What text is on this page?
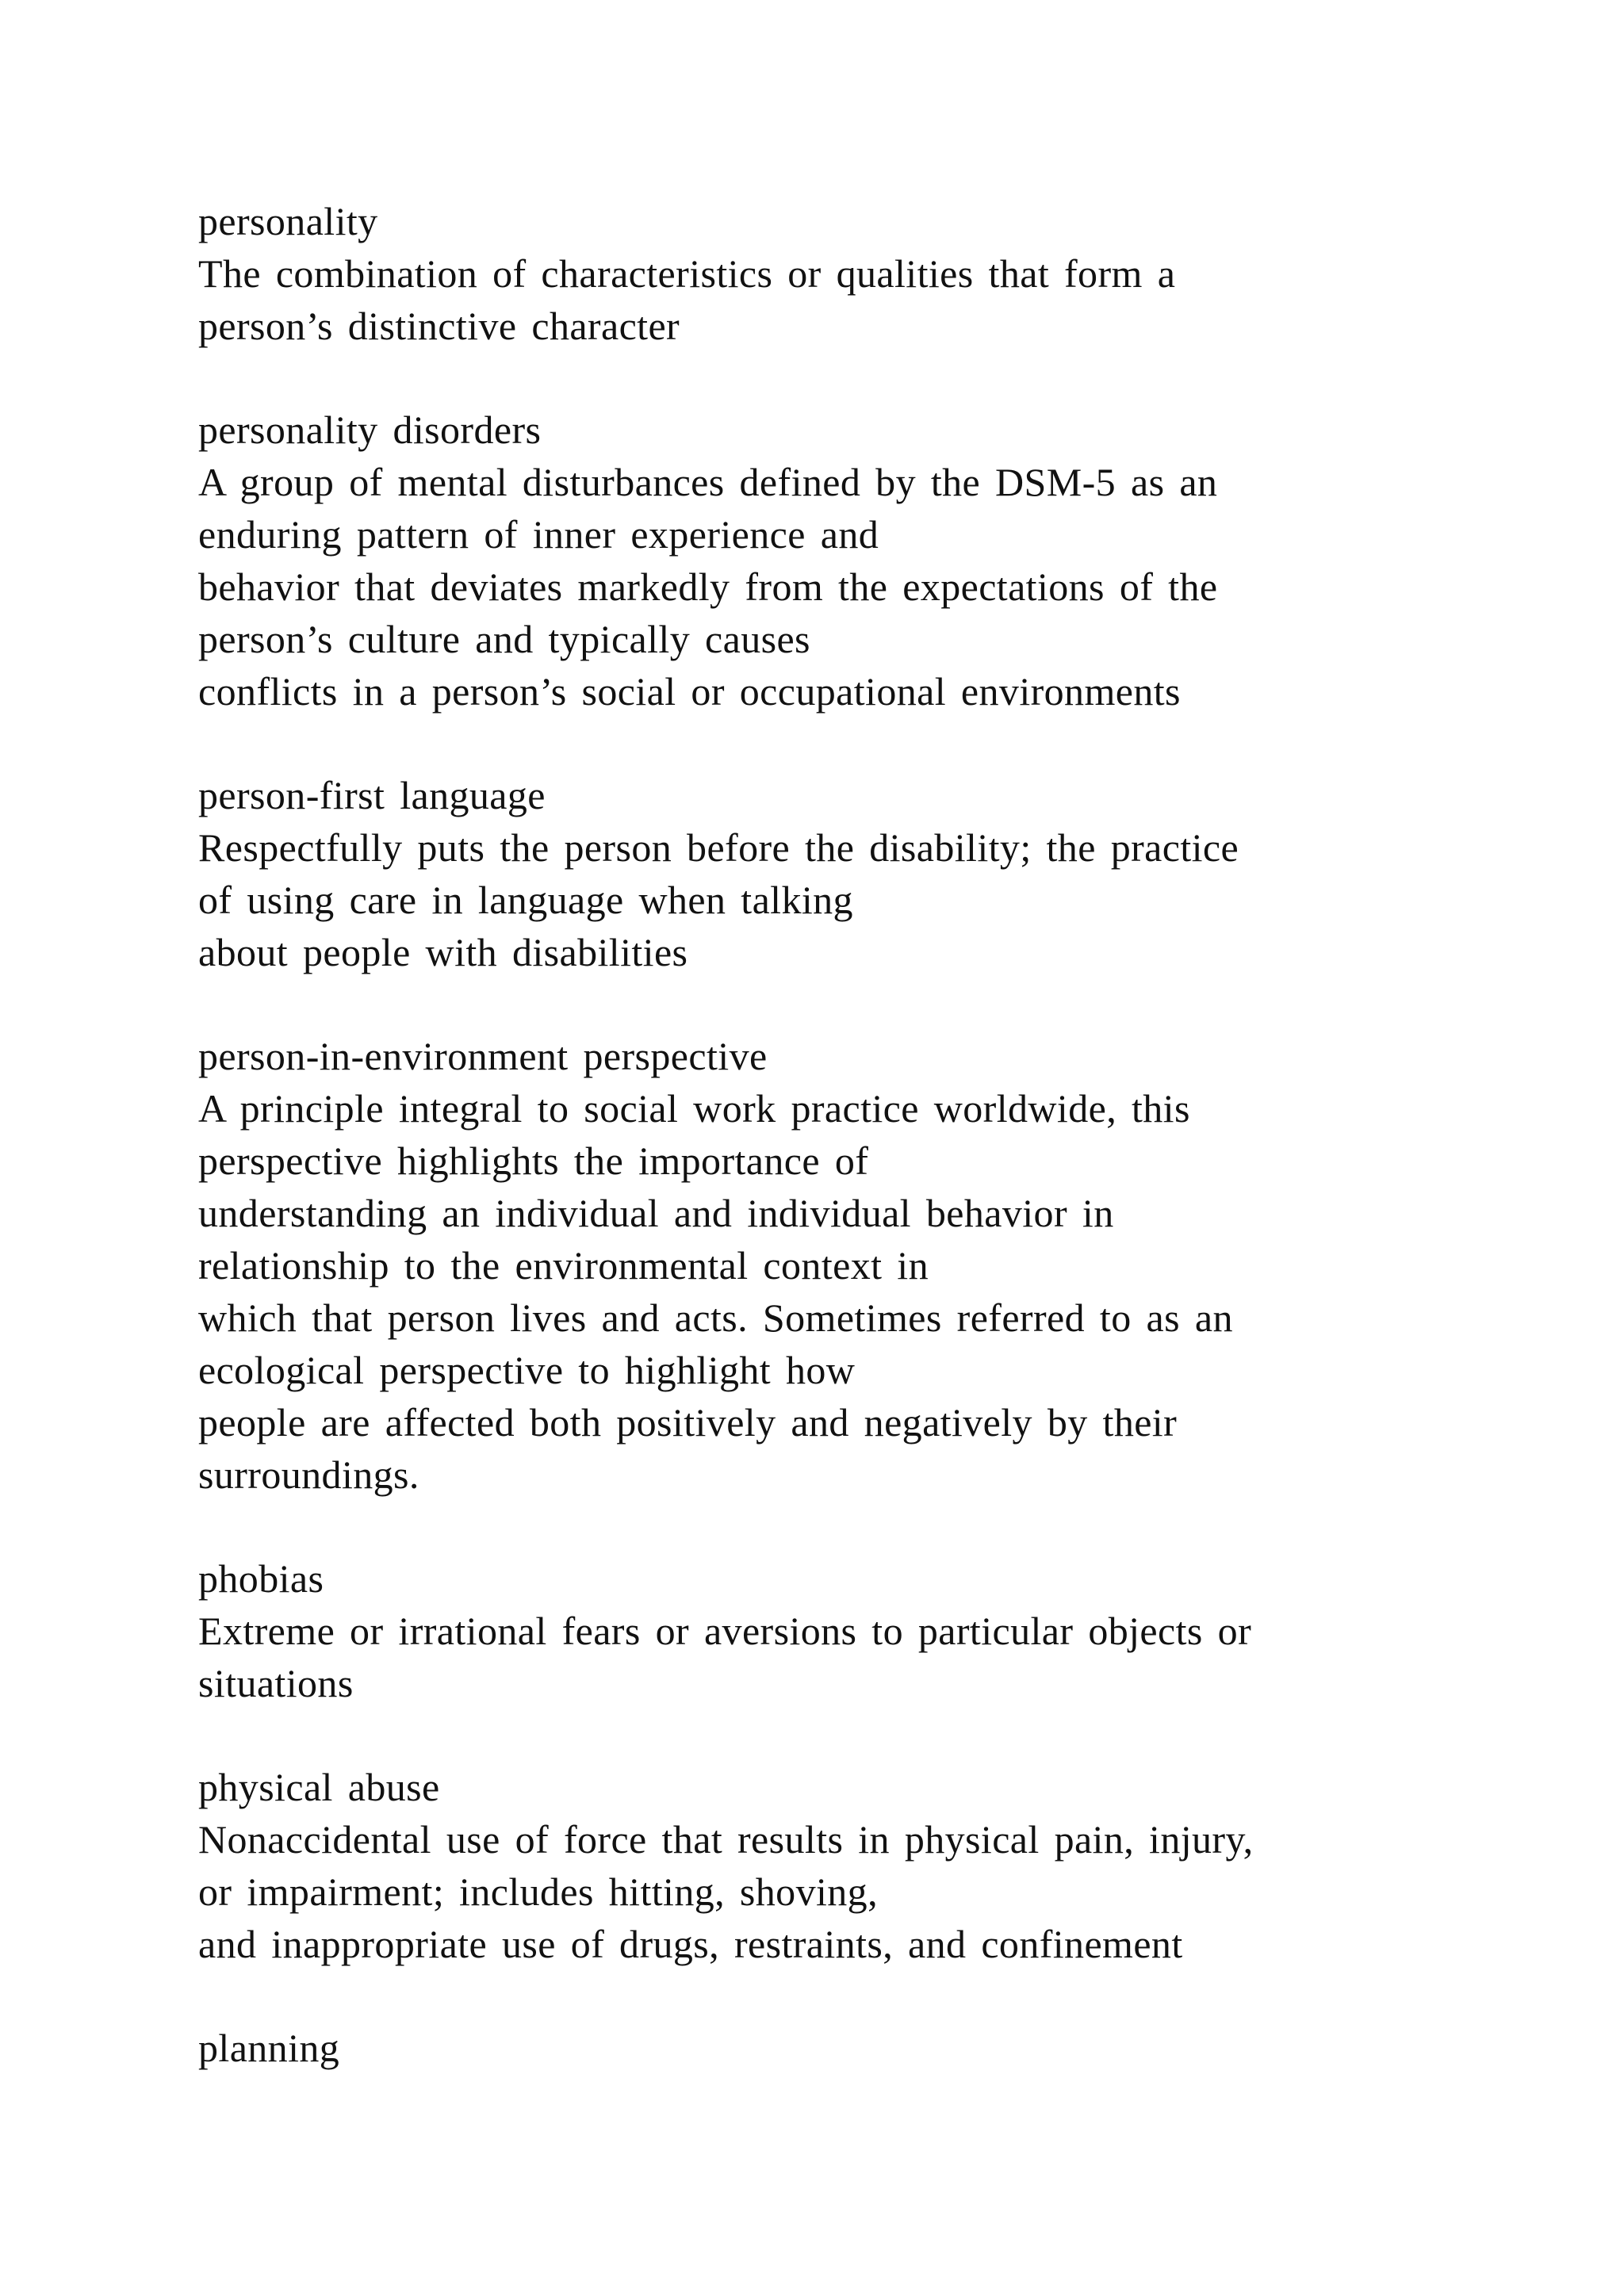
personality
The combination of characteristics or qualities that form a
person’s distinctive character
personality disorders
A group of mental disturbances defined by the DSM-5 as an
enduring pattern of inner experience and
behavior that deviates markedly from the expectations of the
person’s culture and typically causes
conflicts in a person’s social or occupational environments
person-first language
Respectfully puts the person before the disability; the practice
of using care in language when talking
about people with disabilities
person-in-environment perspective
A principle integral to social work practice worldwide, this
perspective highlights the importance of
understanding an individual and individual behavior in
relationship to the environmental context in
which that person lives and acts. Sometimes referred to as an
ecological perspective to highlight how
people are affected both positively and negatively by their
surroundings.
phobias
Extreme or irrational fears or aversions to particular objects or
situations
physical abuse
Nonaccidental use of force that results in physical pain, injury,
or impairment; includes hitting, shoving,
and inappropriate use of drugs, restraints, and confinement
planning
